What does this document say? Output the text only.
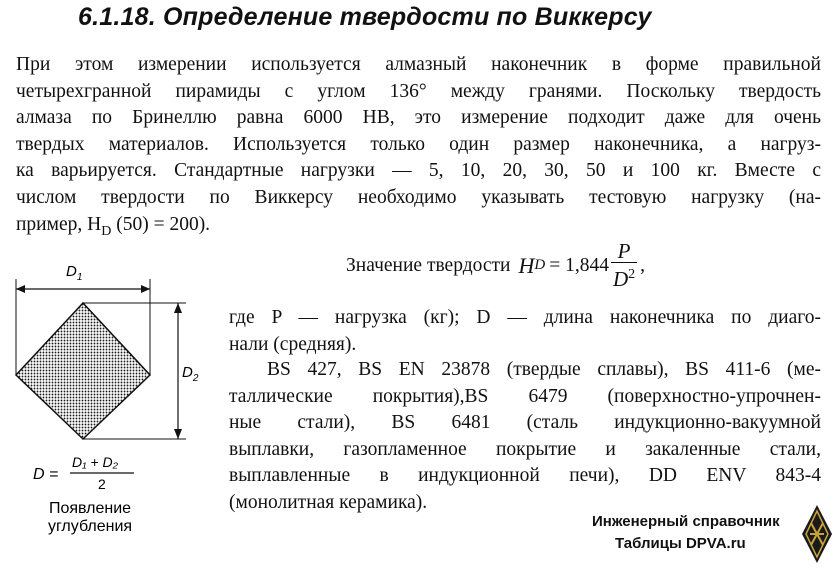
6.1.18. Определение твердости по Виккерсу
При этом измерении используется алмазный наконечник в форме правильной
четырехгранной пирамиды с углом 136° между гранями. Поскольку твердость
алмаза по Бринеллю равна 6000 НВ, это измерение подходит даже для очень
твердых материалов. Используется только один размер наконечника, а нагруз-
ка варьируется. Стандартные нагрузки — 5, 10, 20, 30, 50 и 100 кг. Вместе с
числом твердости по Виккерсу необходимо указывать тестовую нагрузку (на-
пример, $H_D$ (50) = 200).
Значение твердости H $D = 1,844 \frac{P}{D^2}$ ,
где P — нагрузка (кг); D — длина наконечника по диаго-
нали (средняя).
BS 427, BS EN 23878 (твердые сплавы), BS 411-6 (ме-
таллические покрытия),BS 6479 (поверхностно-упрочнен-
ные стали), BS 6481 (сталь индукционно-вакуумной
выплавки, газопламенное покрытие и закаленные стали,
выплавленные в индукционной печи), DD ENV 843-4
(монолитная керамика).
$D_1$
$D_2$
D =
D₁ + D₂
2
Появление
углубления	Инженерный справочник
Таблицы DPVA.ru
